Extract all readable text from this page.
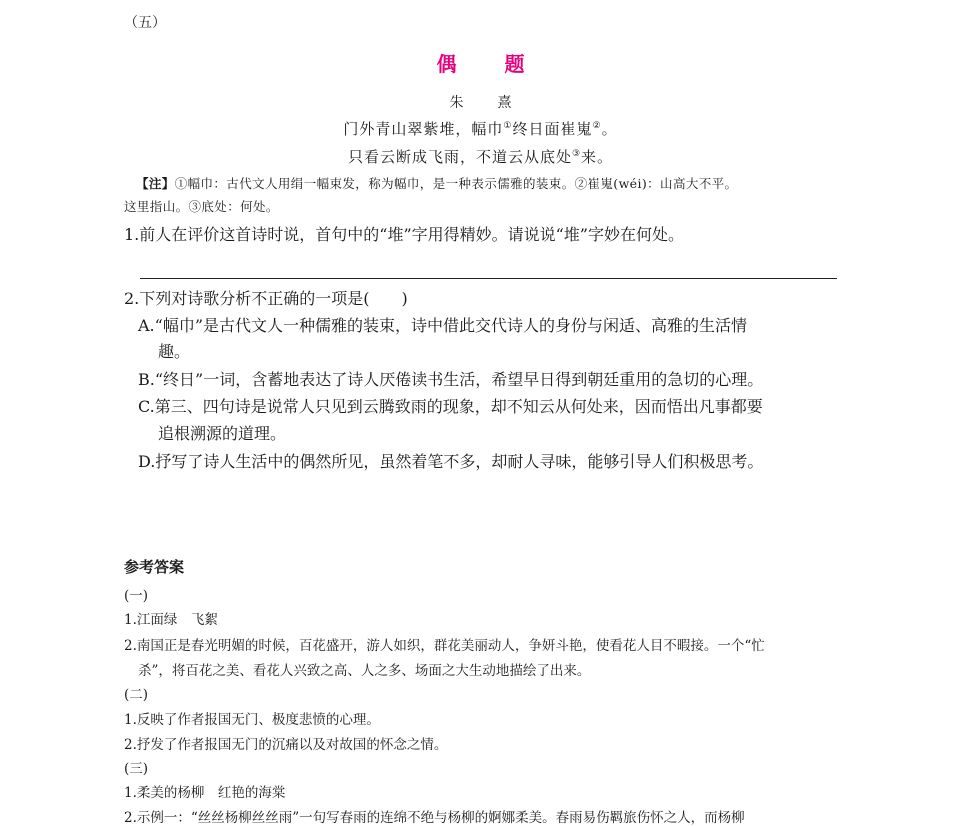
（五）
偶　题
朱　熹
门外青山翠紫堆，幅巾①终日面崔嵬②。
只看云断成飞雨，不道云从底处③来。
【注】①幅巾：古代文人用绢一幅束发，称为幅巾，是一种表示儒雅的装束。②崔嵬(wéi)：山高大不平。
这里指山。③底处：何处。
1.前人在评价这首诗时说，首句中的“堆”字用得精妙。请说说“堆”字妙在何处。
2.下列对诗歌分析不正确的一项是(　　)
A.“幅巾”是古代文人一种儒雅的装束，诗中借此交代诗人的身份与闲适、高雅的生活情
趣。
B.“终日”一词，含蓄地表达了诗人厌倦读书生活，希望早日得到朝廷重用的急切的心理。
C.第三、四句诗是说常人只见到云腾致雨的现象，却不知云从何处来，因而悟出凡事都要
追根溯源的道理。
D.抒写了诗人生活中的偶然所见，虽然着笔不多，却耐人寻味，能够引导人们积极思考。
参考答案
(一)
1.江面绿　飞絮
2.南国正是春光明媚的时候，百花盛开，游人如织，群花美丽动人，争妍斗艳，使看花人目不暇接。一个“忙
杀”，将百花之美、看花人兴致之高、人之多、场面之大生动地描绘了出来。
(二)
1.反映了作者报国无门、极度悲愤的心理。
2.抒发了作者报国无门的沉痛以及对故国的怀念之情。
(三)
1.柔美的杨柳　红艳的海棠
2.示例一：“丝丝杨柳丝丝雨”一句写春雨的连绵不绝与杨柳的婀娜柔美。春雨易伤羁旅伤怀之人，而杨柳
